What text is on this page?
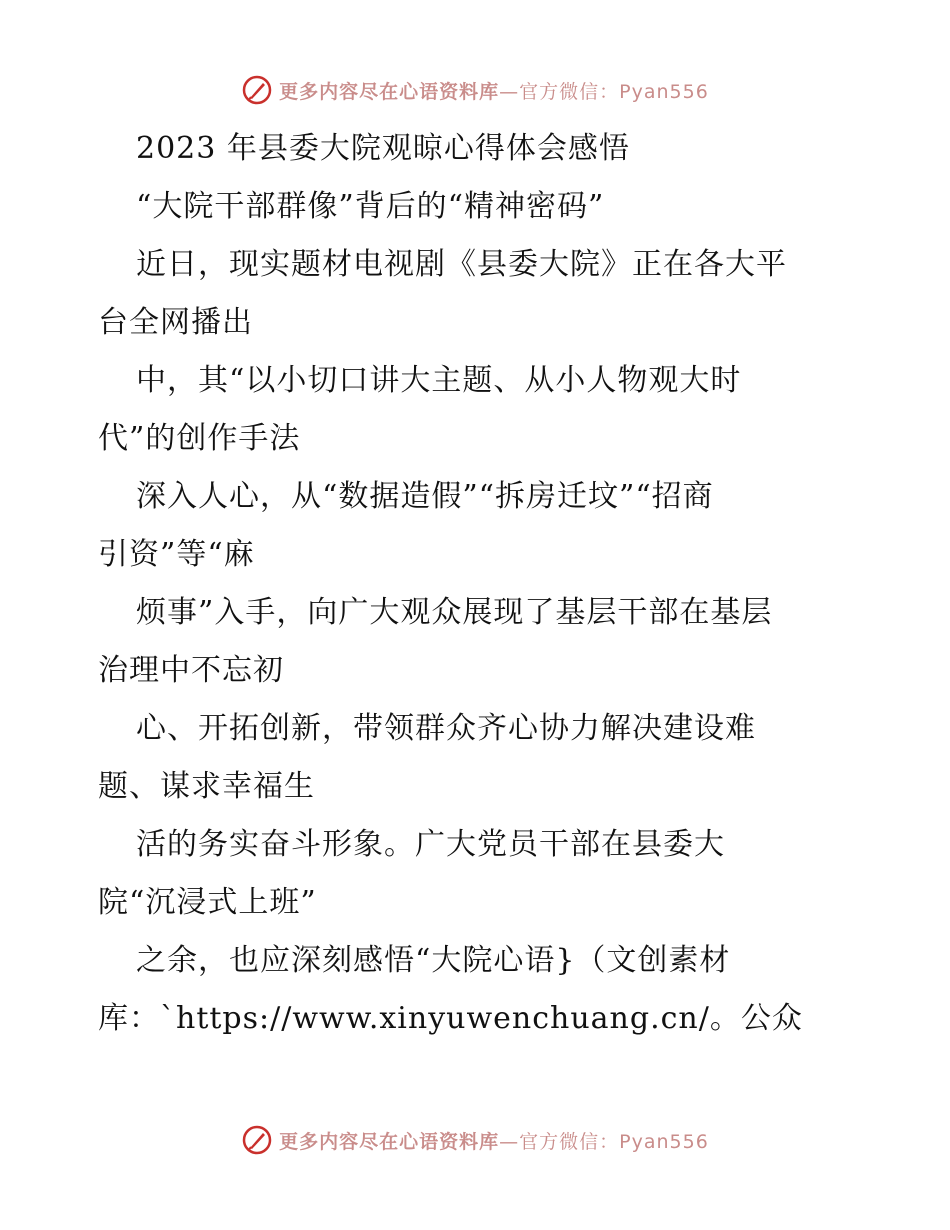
更多内容尽在心语资料库—官方微信：Pyan556
2023 年县委大院观晾心得体会感悟
“大院干部群像”背后的“精神密码”
近日，现实题材电视剧《县委大院》正在各大平
台全网播出
中，其“以小切口讲大主题、从小人物观大时
代”的创作手法
深入人心，从“数据造假”“拆房迁坟”“招商
引资”等“麻
烦事”入手，向广大观众展现了基层干部在基层
治理中不忘初
心、开拓创新，带领群众齐心协力解决建设难
题、谋求幸福生
活的务实奋斗形象。广大党员干部在县委大
院“沉浸式上班”
之余，也应深刻感悟“大院心语}（文创素材
库：`https://www.xinyuwenchuang.cn/。公众
更多内容尽在心语资料库—官方微信：Pyan556
